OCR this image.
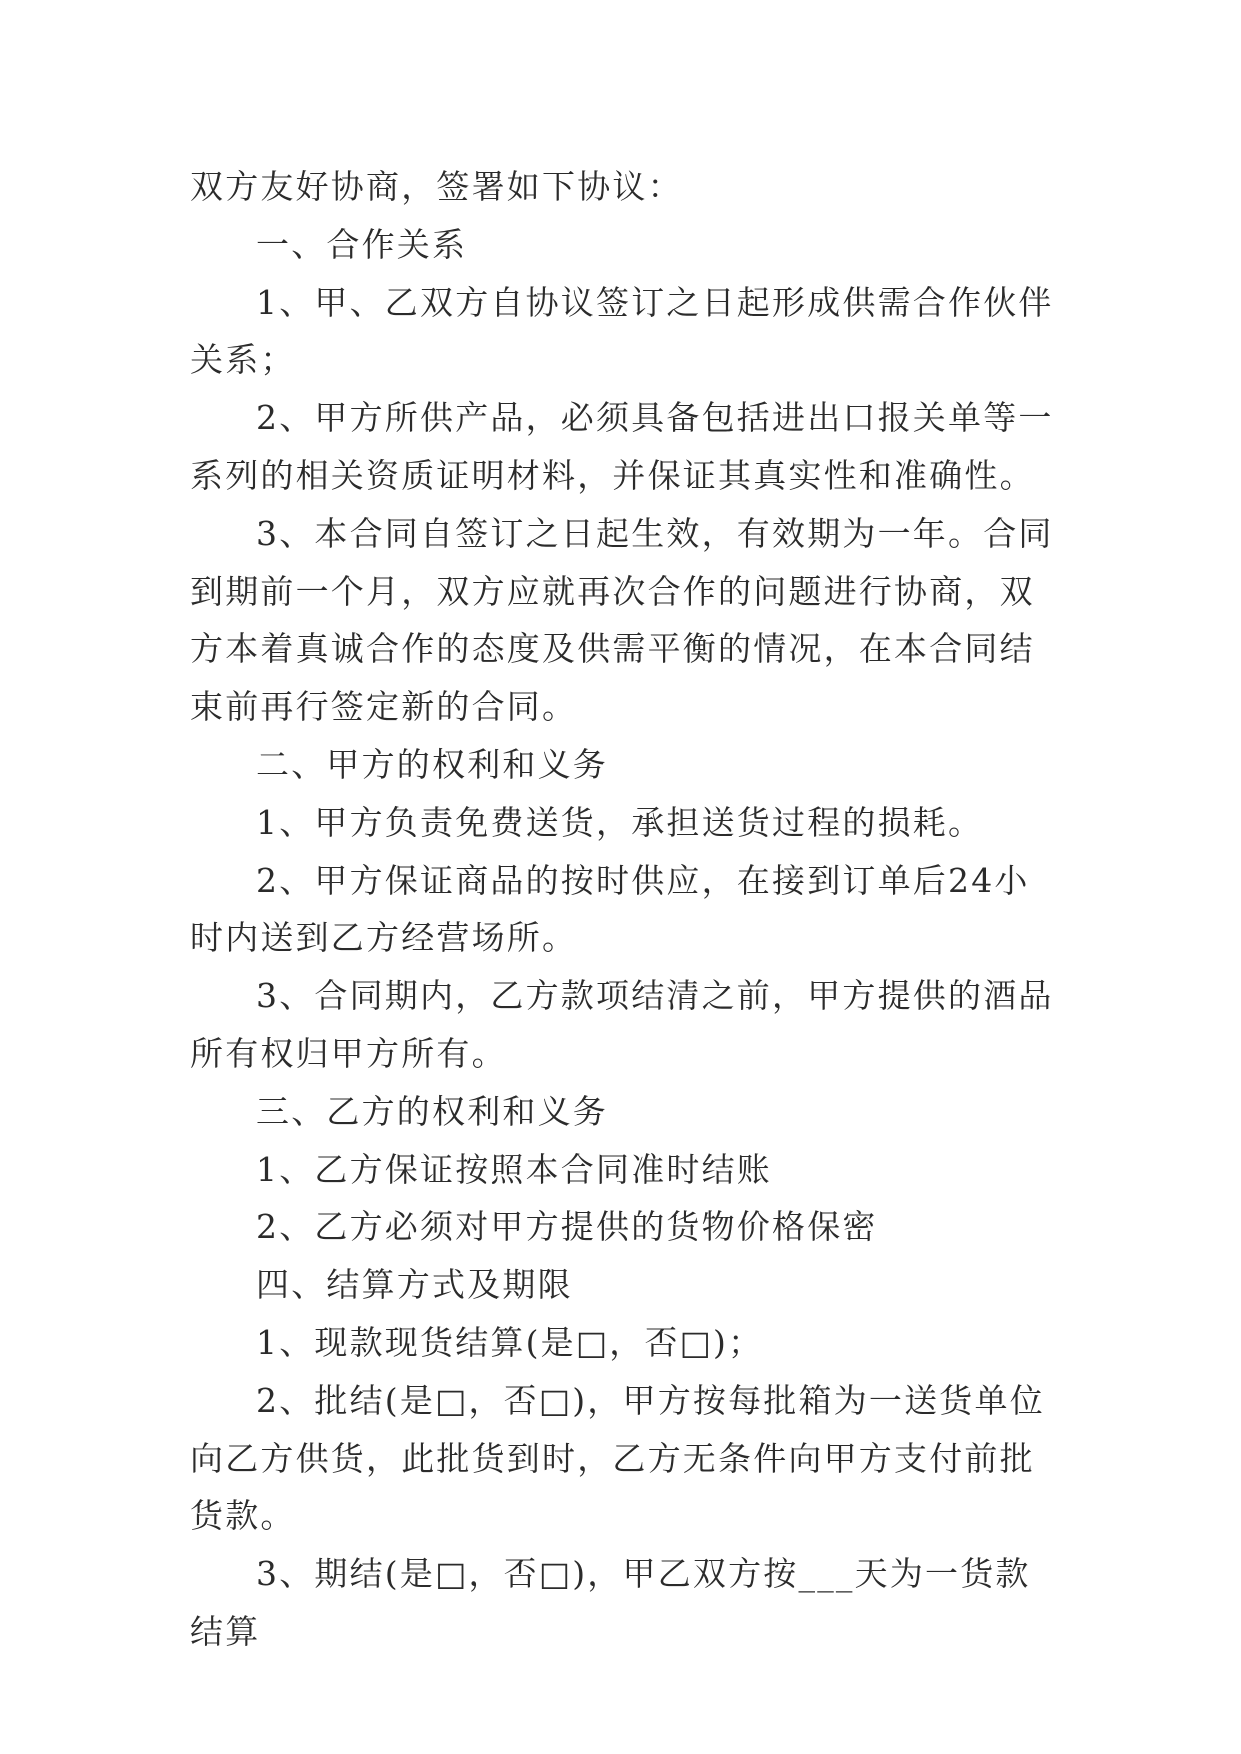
双方友好协商，签署如下协议：

一、合作关系

1、甲、乙双方自协议签订之日起形成供需合作伙伴关系；

2、甲方所供产品，必须具备包括进出口报关单等一系列的相关资质证明材料，并保证其真实性和准确性。

3、本合同自签订之日起生效，有效期为一年。合同到期前一个月，双方应就再次合作的问题进行协商，双方本着真诚合作的态度及供需平衡的情况，在本合同结束前再行签定新的合同。

二、甲方的权利和义务

1、甲方负责免费送货，承担送货过程的损耗。

2、甲方保证商品的按时供应，在接到订单后24小时内送到乙方经营场所。

3、合同期内，乙方款项结清之前，甲方提供的酒品所有权归甲方所有。

三、乙方的权利和义务

1、乙方保证按照本合同准时结账

2、乙方必须对甲方提供的货物价格保密

四、结算方式及期限

1、现款现货结算(是□，否□)；

2、批结(是□，否□)，甲方按每批箱为一送货单位向乙方供货，此批货到时，乙方无条件向甲方支付前批货款。

3、期结(是□，否□)，甲乙双方按___天为一货款结算
